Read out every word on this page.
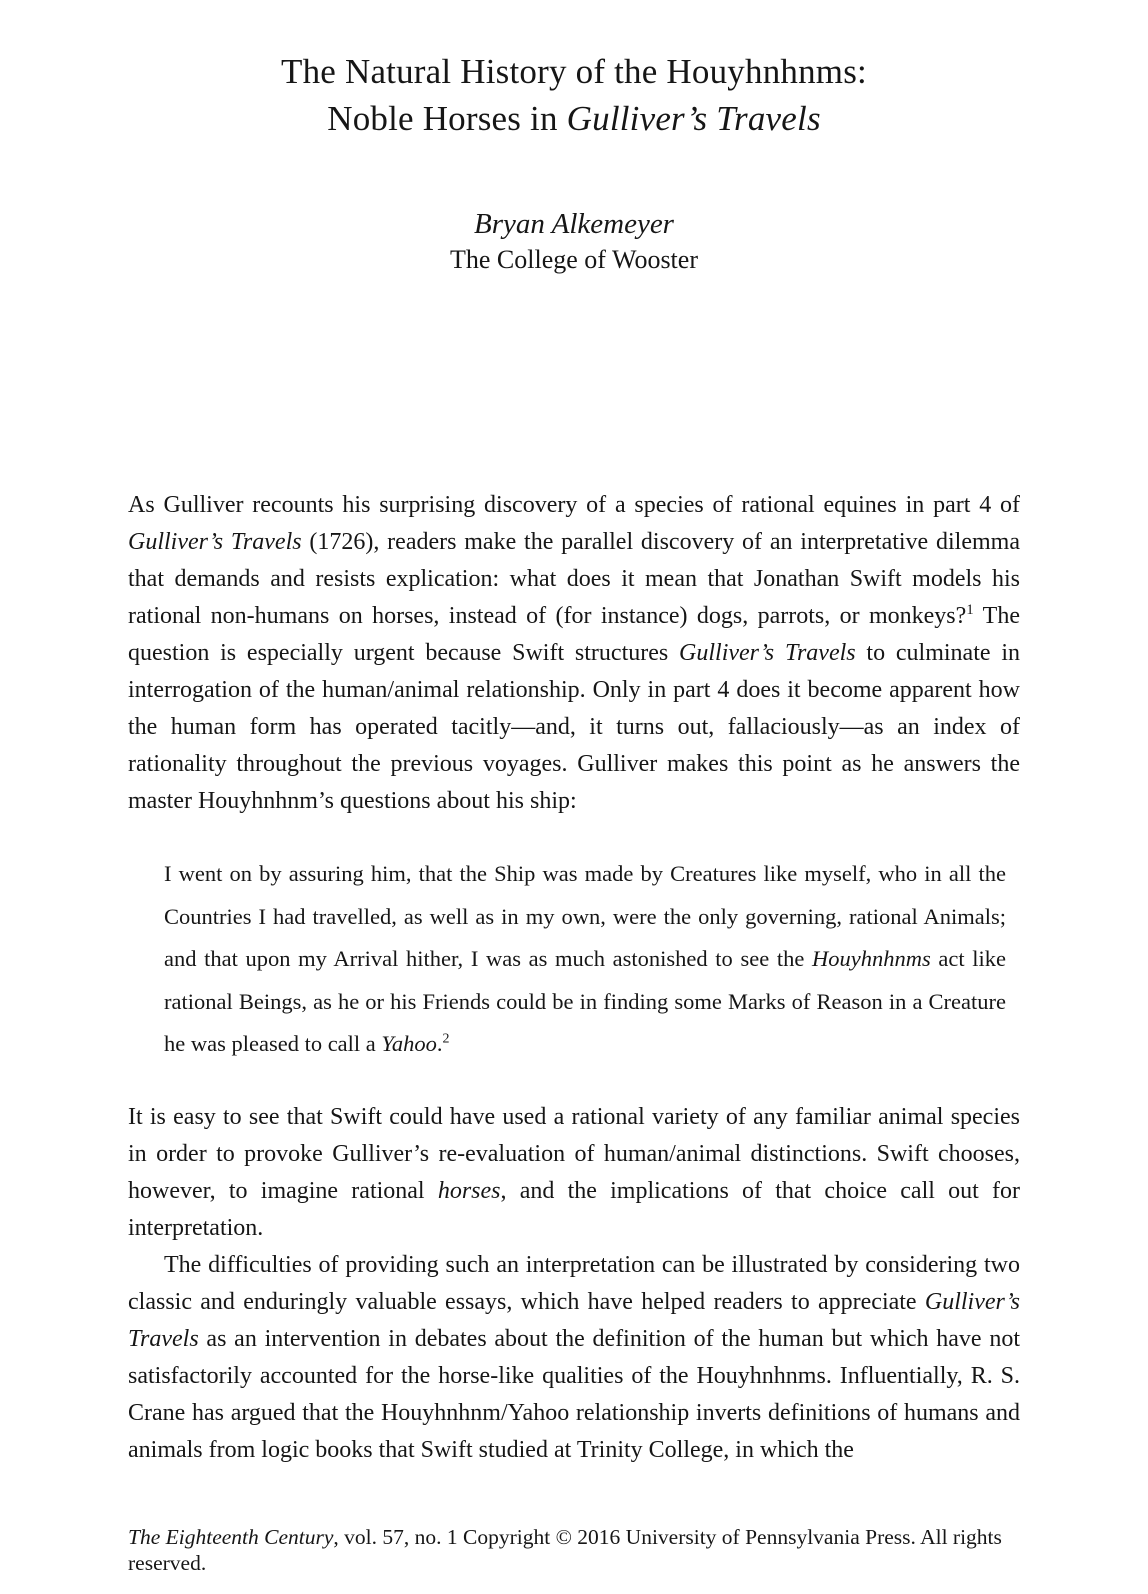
The Natural History of the Houyhnhnms:
Noble Horses in Gulliver’s Travels
Bryan Alkemeyer
The College of Wooster

As Gulliver recounts his surprising discovery of a species of rational equines in part 4 of Gulliver’s Travels (1726), readers make the parallel discovery of an interpretative dilemma that demands and resists explication: what does it mean that Jonathan Swift models his rational non-humans on horses, instead of (for instance) dogs, parrots, or monkeys?$^1$ The question is especially urgent because Swift structures Gulliver’s Travels to culminate in interrogation of the human/animal relationship. Only in part 4 does it become apparent how the human form has operated tacitly—and, it turns out, fallaciously—as an index of rationality throughout the previous voyages. Gulliver makes this point as he answers the master Houyhnhnm’s questions about his ship:

I went on by assuring him, that the Ship was made by Creatures like myself, who in all the Countries I had travelled, as well as in my own, were the only governing, rational Animals; and that upon my Arrival hither, I was as much astonished to see the Houyhnhnms act like rational Beings, as he or his Friends could be in finding some Marks of Reason in a Creature he was pleased to call a Yahoo.$^2$

It is easy to see that Swift could have used a rational variety of any familiar animal species in order to provoke Gulliver’s re-evaluation of human/animal distinctions. Swift chooses, however, to imagine rational horses, and the implications of that choice call out for interpretation.

The difficulties of providing such an interpretation can be illustrated by considering two classic and enduringly valuable essays, which have helped readers to appreciate Gulliver’s Travels as an intervention in debates about the definition of the human but which have not satisfactorily accounted for the horse-like qualities of the Houyhnhnms. Influentially, R. S. Crane has argued that the Houyhnhnm/Yahoo relationship inverts definitions of humans and animals from logic books that Swift studied at Trinity College, in which the

The Eighteenth Century, vol. 57, no. 1 Copyright © 2016 University of Pennsylvania Press. All rights reserved.
